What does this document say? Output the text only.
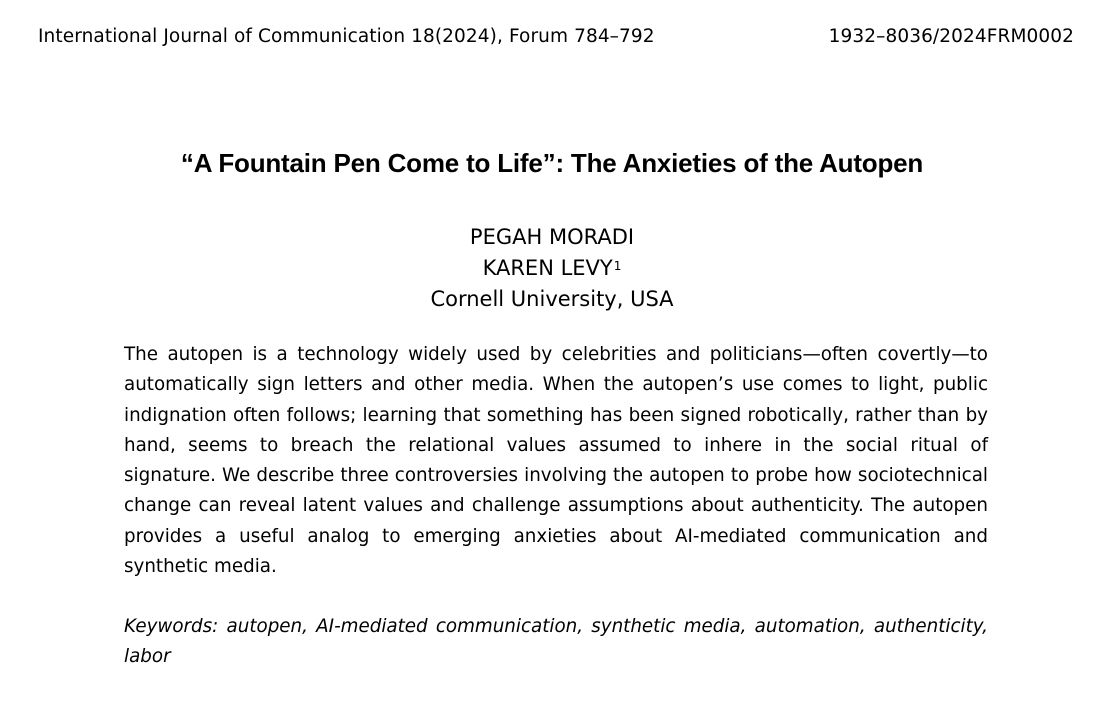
International Journal of Communication 18(2024), Forum 784–792	1932–8036/2024FRM0002
“A Fountain Pen Come to Life”: The Anxieties of the Autopen
PEGAH MORADI
KAREN LEVY$^1$
Cornell University, USA
The autopen is a technology widely used by celebrities and politicians—often covertly—to automatically sign letters and other media. When the autopen’s use comes to light, public indignation often follows; learning that something has been signed robotically, rather than by hand, seems to breach the relational values assumed to inhere in the social ritual of signature. We describe three controversies involving the autopen to probe how sociotechnical change can reveal latent values and challenge assumptions about authenticity. The autopen provides a useful analog to emerging anxieties about AI-mediated communication and synthetic media.
Keywords: autopen, AI-mediated communication, synthetic media, automation, authenticity, labor
